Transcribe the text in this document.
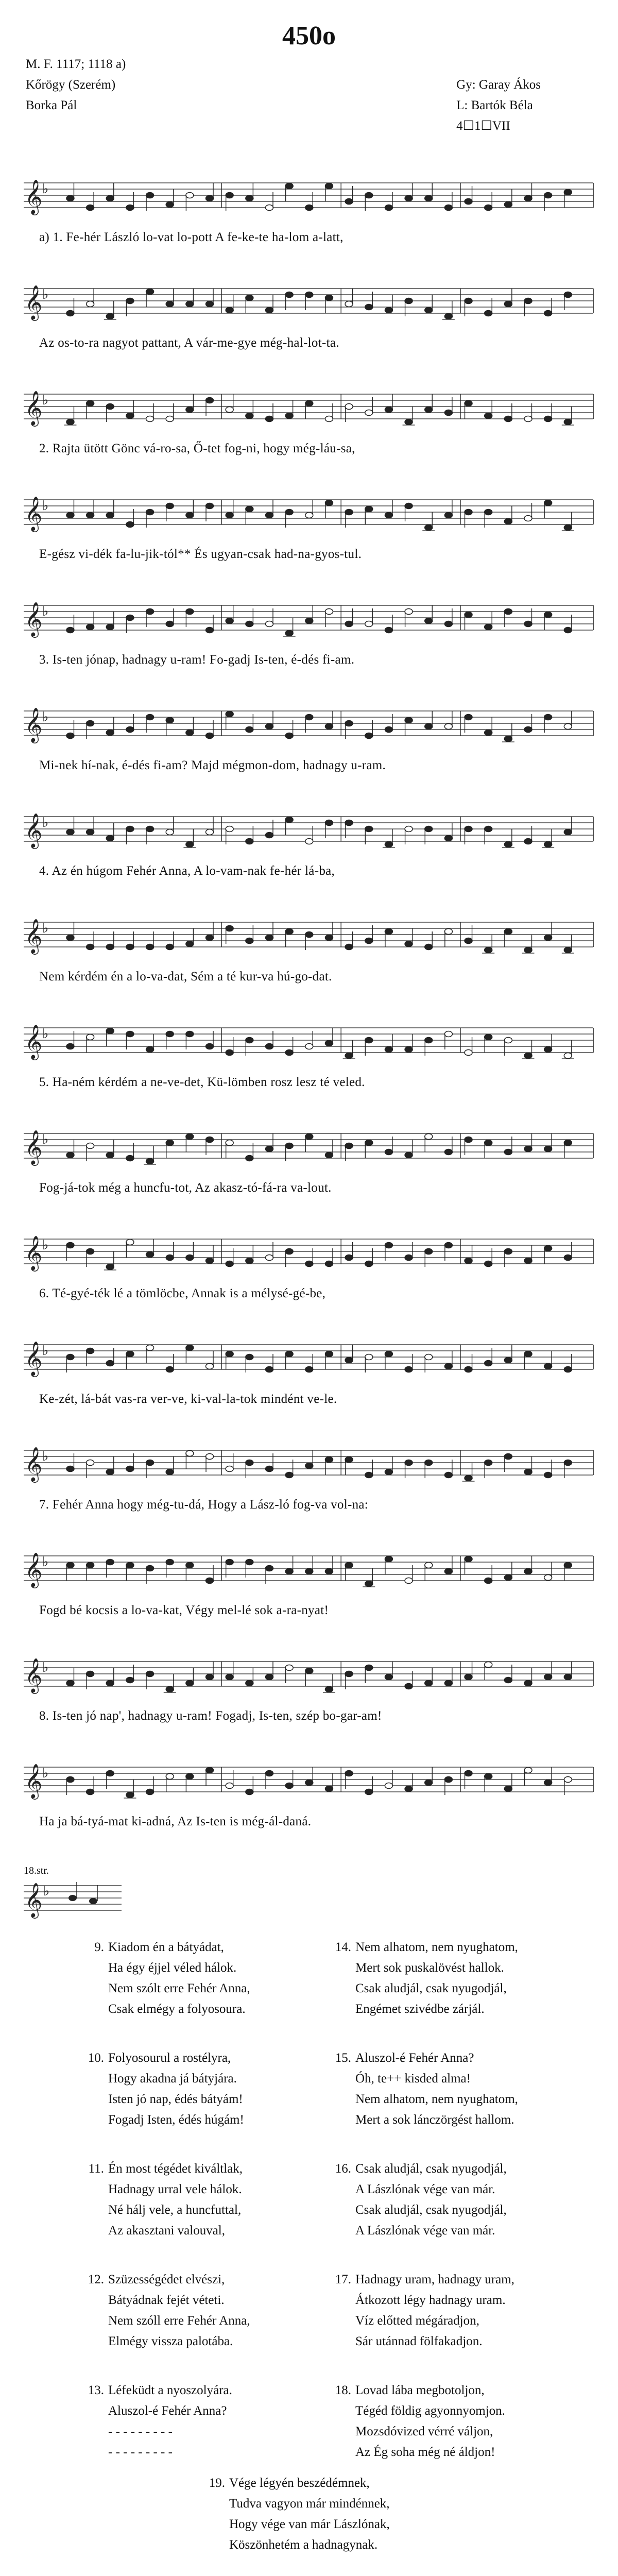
450o
M. F. 1117; 1118 a)
Kőrögy (Szerém)
Borka Pál
Gy: Garay Ákos
L: Bartók Béla
4☐1☐VII
𝄞 ♭
a) 1. Fe-hér László lo-vat lo-pott A fe-ke-te ha-lom a-latt,
𝄞 ♭
Az os-to-ra nagyot pattant, A vár-me-gye még-hal-lot-ta.
𝄞 ♭
2. Rajta ütött Gönc vá-ro-sa, Ő-tet fog-ni, hogy még-láu-sa,
𝄞 ♭
E-gész vi-dék fa-lu-jik-tól** És ugyan-csak had-na-gyos-tul.
𝄞 ♭
3. Is-ten jónap, hadnagy u-ram! Fo-gadj Is-ten, é-dés fi-am.
𝄞 ♭
Mi-nek hí-nak, é-dés fi-am? Majd mégmon-dom, hadnagy u-ram.
𝄞 ♭
4. Az én húgom Fehér Anna, A lo-vam-nak fe-hér lá-ba,
𝄞 ♭
Nem kérdém én a lo-va-dat, Sém a té kur-va hú-go-dat.
𝄞 ♭
5. Ha-ném kérdém a ne-ve-det, Kü-lömben rosz lesz té veled.
𝄞 ♭
Fog-já-tok még a huncfu-tot, Az akasz-tó-fá-ra va-lout.
𝄞 ♭
6. Té-gyé-ték lé a tömlöcbe, Annak is a mélysé-gé-be,
𝄞 ♭
Ke-zét, lá-bát vas-ra ver-ve, ki-val-la-tok mindént ve-le.
𝄞 ♭
7. Fehér Anna hogy még-tu-dá, Hogy a Lász-ló fog-va vol-na:
𝄞 ♭
Fogd bé kocsis a lo-va-kat, Végy mel-lé sok a-ra-nyat!
𝄞 ♭
8. Is-ten jó nap', hadnagy u-ram! Fogadj, Is-ten, szép bo-gar-am!
𝄞 ♭
Ha ja bá-tyá-mat ki-adná, Az Is-ten is még-ál-daná.
18.str.
𝄞 ♭
9. Kiadom én a bátyádat,
Ha égy éjjel véled hálok.
Nem szólt erre Fehér Anna,
Csak elmégy a folyosoura.
14. Nem alhatom, nem nyughatom,
Mert sok puskalövést hallok.
Csak aludjál, csak nyugodjál,
Engémet szivédbe zárjál.
10. Folyosourul a rostélyra,
Hogy akadna já bátyjára.
Isten jó nap, édés bátyám!
Fogadj Isten, édés húgám!
15. Aluszol-é Fehér Anna?
Óh, te++ kisded alma!
Nem alhatom, nem nyughatom,
Mert a sok lánczörgést hallom.
11. Én most tégédet kiváltlak,
Hadnagy urral vele hálok.
Né hálj vele, a huncfuttal,
Az akasztani valouval,
16. Csak aludjál, csak nyugodjál,
A Lászlónak vége van már.
Csak aludjál, csak nyugodjál,
A Lászlónak vége van már.
12. Szüzességédet elvészi,
Bátyádnak fejét véteti.
Nem szóll erre Fehér Anna,
Elmégy vissza palotába.
17. Hadnagy uram, hadnagy uram,
Átkozott légy hadnagy uram.
Víz előtted mégáradjon,
Sár utánnad fölfakadjon.
13. Léfeküdt a nyoszolyára.
Aluszol-é Fehér Anna?
- - - - - - - - -
- - - - - - - - -
18. Lovad lába megbotoljon,
Tégéd földig agyonnyomjon.
Mozsdóvized vérré váljon,
Az Ég soha még né áldjon!
19. Vége légyén beszédémnek,
Tudva vagyon már mindénnek,
Hogy vége van már Lászlónak,
Köszönhetém a hadnagynak.
